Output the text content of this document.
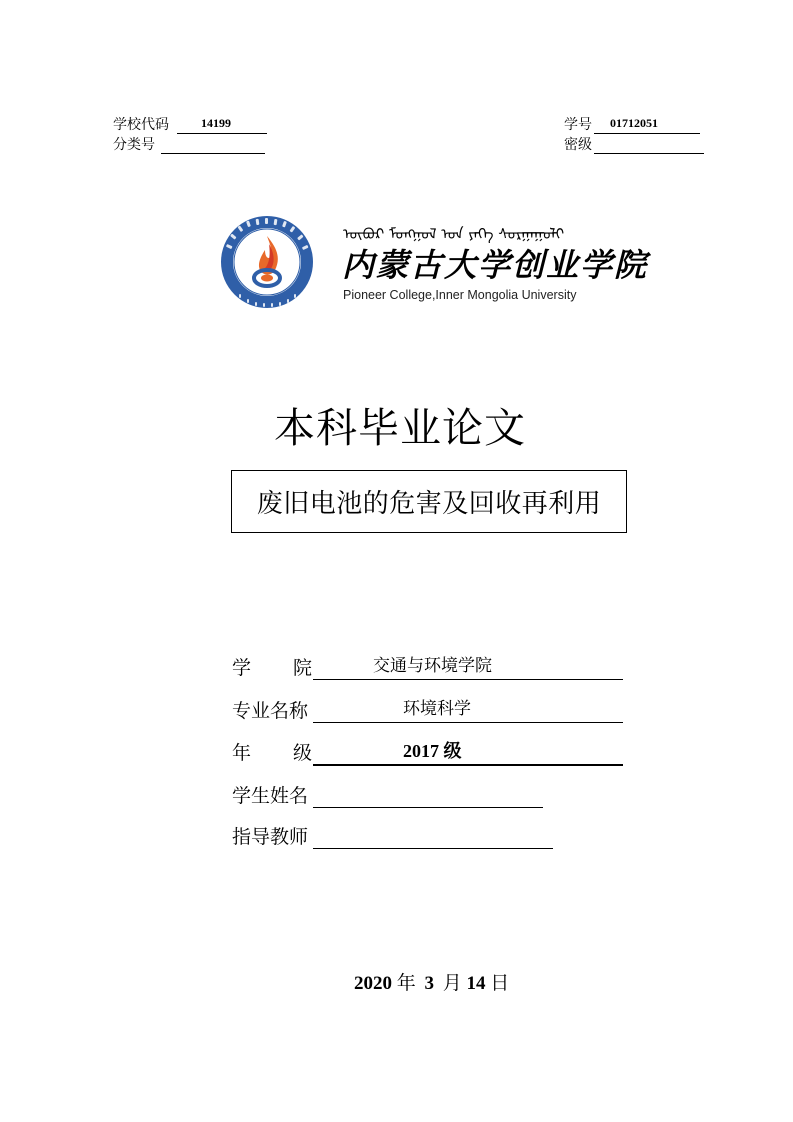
学校代码	14199	学号 01712051
分类号	密级
ᠥᠪᠦᠷ ᠮᠣᠩᠭᠣᠯ ᠤᠨ ᠶᠡᠬᠡ ᠰᠤᠷᠭᠠᠭᠤᠯᠢ
内蒙古大学创业学院
Pioneer College,Inner Mongolia University
本科毕业论文
废旧电池的危害及回收再利用
学 院	交通与环境学院
专业名称	环境科学
年 级	2017 级
学生姓名
指导教师
2020 年 3 月 14 日
